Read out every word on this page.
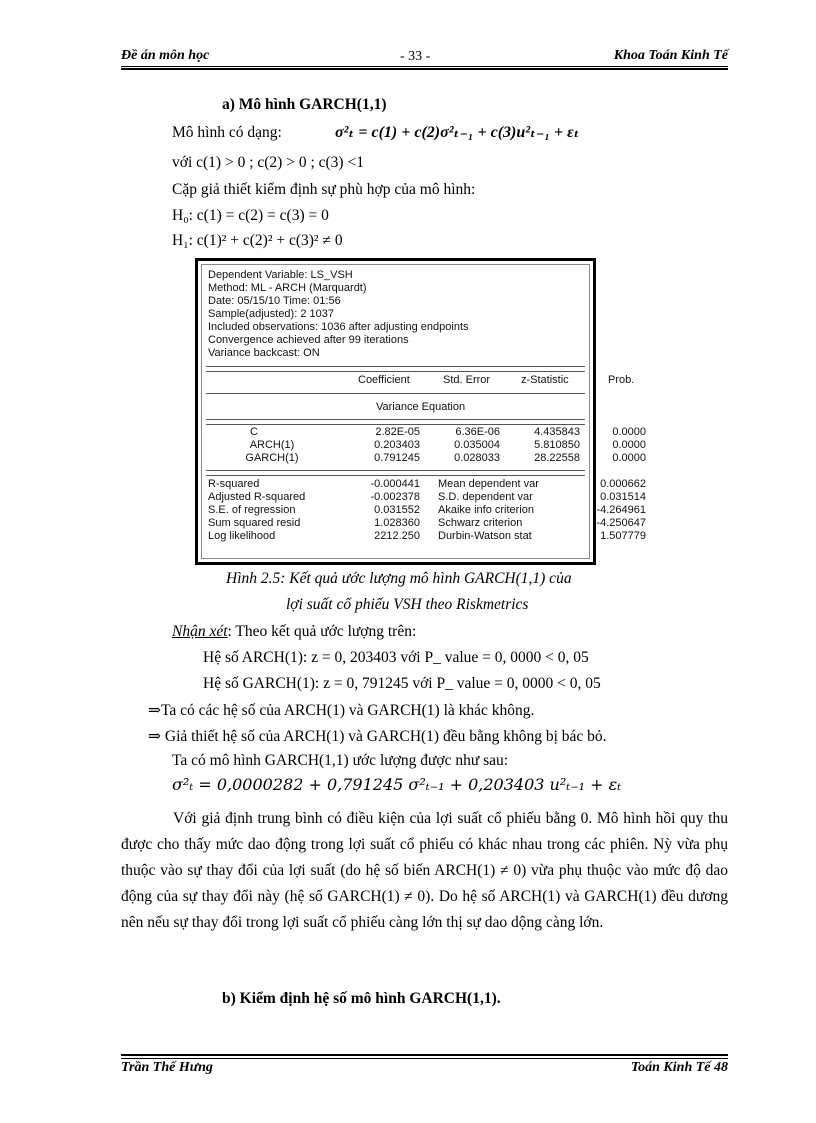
Đề án môn học	- 33 -	Khoa Toán Kinh Tế
a) Mô hình GARCH(1,1)
Mô hình có dạng:	σ²ₜ = c(1) + c(2)σ²ₜ₋₁ + c(3)u²ₜ₋₁ + εₜ
với c(1) > 0 ; c(2) > 0 ; c(3) <1
Cặp giả thiết kiểm định sự phù hợp của mô hình:
H₀: c(1) = c(2) = c(3) = 0
H₁: c(1)² + c(2)² + c(3)² ≠ 0
Dependent Variable: LS_VSH
Method: ML - ARCH (Marquardt)
Date: 05/15/10 Time: 01:56
Sample(adjusted): 2 1037
Included observations: 1036 after adjusting endpoints
Convergence achieved after 99 iterations
Variance backcast: ON
Coefficient	Std. Error	z-Statistic	Prob.
Variance Equation
C	2.82E-05	6.36E-06	4.435843	0.0000
ARCH(1)	0.203403	0.035004	5.810850	0.0000
GARCH(1)	0.791245	0.028033	28.22558	0.0000
R-squared	-0.000441 Mean dependent var	0.000662
Adjusted R-squared	-0.002378 S.D. dependent var	0.031514
S.E. of regression	0.031552 Akaike info criterion	-4.264961
Sum squared resid	1.028360 Schwarz criterion	-4.250647
Log likelihood	2212.250 Durbin-Watson stat	1.507779
Hình 2.5: Kết quả ước lượng mô hình GARCH(1,1) của
lợi suất cổ phiếu VSH theo Riskmetrics
Nhận xét: Theo kết quả ước lượng trên:
Hệ số ARCH(1): z = 0, 203403 với P_ value = 0, 0000 < 0, 05
Hệ số GARCH(1): z = 0, 791245 với P_ value = 0, 0000 < 0, 05
⇒Ta có các hệ số của ARCH(1) và GARCH(1) là khác không.
⇒ Giả thiết hệ số của ARCH(1) và GARCH(1) đều bằng không bị bác bỏ.
Ta có mô hình GARCH(1,1) ước lượng được như sau:
σ²ₜ = 0,0000282 + 0,791245 σ²ₜ₋₁ + 0,203403 u²ₜ₋₁ + εₜ
Với giả định trung bình có điều kiện của lợi suất cổ phiếu bằng 0. Mô hình hồi quy thu được cho thấy mức dao động trong lợi suất cổ phiếu có khác nhau trong các phiên. Nỳ vừa phụ thuộc vào sự thay đổi của lợi suất (do hệ số biến ARCH(1) ≠ 0) vừa phụ thuộc vào mức độ dao động của sự thay đổi này (hệ số GARCH(1) ≠ 0). Do hệ số ARCH(1) và GARCH(1) đều dương nên nếu sự thay đổi trong lợi suất cổ phiếu càng lớn thị sự dao dộng càng lớn.
b) Kiểm định hệ số mô hình GARCH(1,1).
Trần Thế Hưng	Toán Kinh Tế 48
